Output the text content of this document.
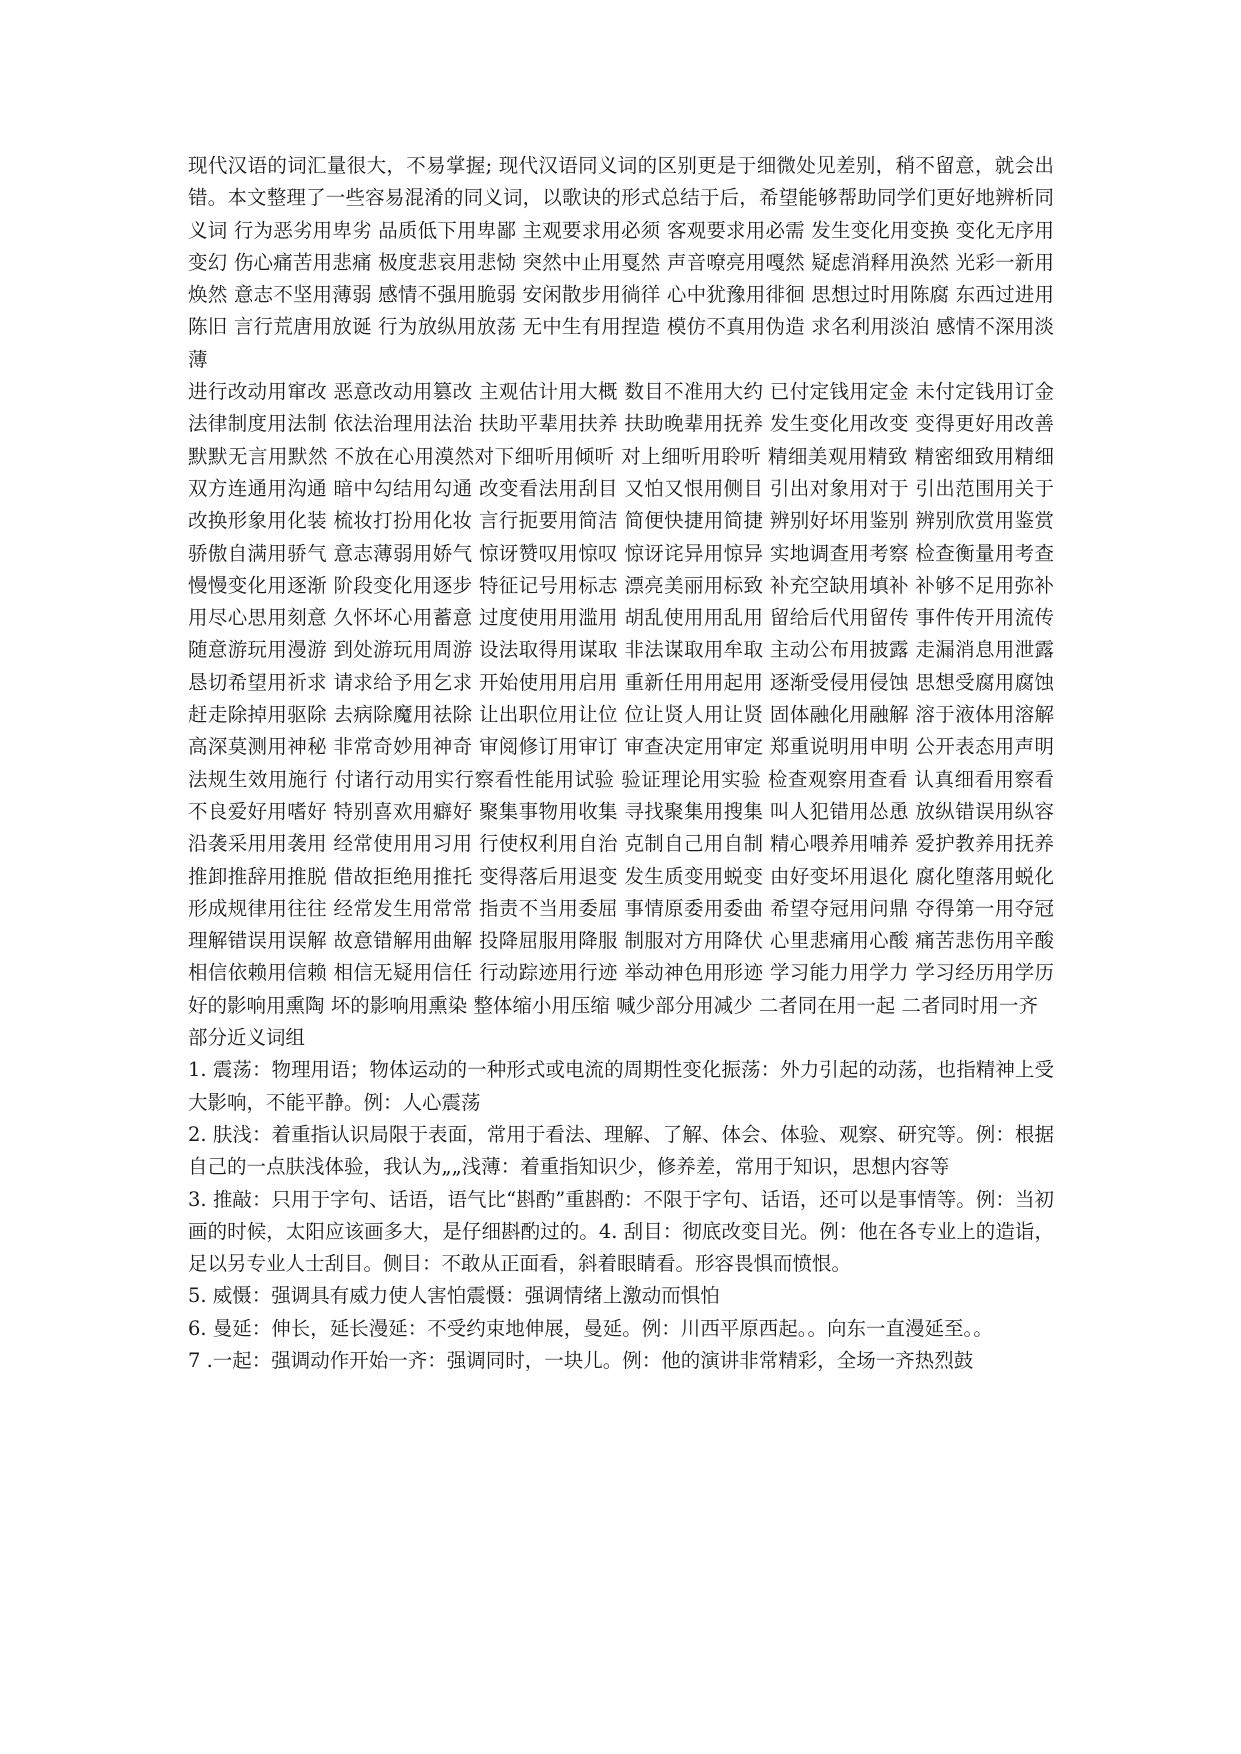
现代汉语的词汇量很大，不易掌握; 现代汉语同义词的区别更是于细微处见差别，稍不留意，就会出错。本文整理了一些容易混淆的同义词，以歌诀的形式总结于后，希望能够帮助同学们更好地辨析同义词 行为恶劣用卑劣 品质低下用卑鄙 主观要求用必须 客观要求用必需 发生变化用变换 变化无序用变幻 伤心痛苦用悲痛 极度悲哀用悲恸 突然中止用戛然 声音嘹亮用嘎然 疑虑消释用涣然 光彩一新用焕然 意志不坚用薄弱 感情不强用脆弱 安闲散步用徜徉 心中犹豫用徘徊 思想过时用陈腐 东西过进用陈旧 言行荒唐用放诞 行为放纵用放荡 无中生有用捏造 模仿不真用伪造 求名利用淡泊 感情不深用淡薄

进行改动用窜改 恶意改动用篡改 主观估计用大概 数目不准用大约 已付定钱用定金 未付定钱用订金 法律制度用法制 依法治理用法治 扶助平辈用扶养 扶助晚辈用抚养 发生变化用改变 变得更好用改善 默默无言用默然 不放在心用漠然对下细听用倾听 对上细听用聆听 精细美观用精致 精密细致用精细 双方连通用沟通 暗中勾结用勾通 改变看法用刮目 又怕又恨用侧目 引出对象用对于 引出范围用关于 改换形象用化装 梳妆打扮用化妆 言行扼要用简洁 简便快捷用简捷 辨别好坏用鉴别 辨别欣赏用鉴赏 骄傲自满用骄气 意志薄弱用娇气 惊讶赞叹用惊叹 惊讶诧异用惊异 实地调查用考察 检查衡量用考查 慢慢变化用逐渐 阶段变化用逐步 特征记号用标志 漂亮美丽用标致 补充空缺用填补 补够不足用弥补 用尽心思用刻意 久怀坏心用蓄意 过度使用用滥用 胡乱使用用乱用 留给后代用留传 事件传开用流传 随意游玩用漫游 到处游玩用周游 设法取得用谋取 非法谋取用牟取 主动公布用披露 走漏消息用泄露 恳切希望用祈求 请求给予用乞求 开始使用用启用 重新任用用起用 逐渐受侵用侵蚀 思想受腐用腐蚀 赶走除掉用驱除 去病除魔用祛除 让出职位用让位 位让贤人用让贤 固体融化用融解 溶于液体用溶解 高深莫测用神秘 非常奇妙用神奇 审阅修订用审订 审查决定用审定 郑重说明用申明 公开表态用声明 法规生效用施行 付诸行动用实行察看性能用试验 验证理论用实验 检查观察用查看 认真细看用察看 不良爱好用嗜好 特别喜欢用癖好 聚集事物用收集 寻找聚集用搜集 叫人犯错用怂恿 放纵错误用纵容 沿袭采用用袭用 经常使用用习用 行使权利用自治 克制自己用自制 精心喂养用哺养 爱护教养用抚养 推卸推辞用推脱 借故拒绝用推托 变得落后用退变 发生质变用蜕变 由好变坏用退化 腐化堕落用蜕化 形成规律用往往 经常发生用常常 指责不当用委屈 事情原委用委曲 希望夺冠用问鼎 夺得第一用夺冠 理解错误用误解 故意错解用曲解 投降屈服用降服 制服对方用降伏 心里悲痛用心酸 痛苦悲伤用辛酸 相信依赖用信赖 相信无疑用信任 行动踪迹用行迹 举动神色用形迹 学习能力用学力 学习经历用学历 好的影响用熏陶 坏的影响用熏染 整体缩小用压缩 喊少部分用减少 二者同在用一起 二者同时用一齐

部分近义词组

1. 震荡：物理用语；物体运动的一种形式或电流的周期性变化振荡：外力引起的动荡，也指精神上受大影响，不能平静。例：人心震荡

2. 肤浅：着重指认识局限于表面，常用于看法、理解、了解、体会、体验、观察、研究等。例：根据自己的一点肤浅体验，我认为„„浅薄：着重指知识少，修养差，常用于知识，思想内容等

3. 推敲：只用于字句、话语，语气比“斟酌”重斟酌：不限于字句、话语，还可以是事情等。例：当初画的时候，太阳应该画多大，是仔细斟酌过的。4. 刮目：彻底改变目光。例：他在各专业上的造诣，足以另专业人士刮目。侧目：不敢从正面看，斜着眼睛看。形容畏惧而愤恨。

5. 威慑：强调具有威力使人害怕震慑：强调情绪上激动而惧怕

6. 曼延：伸长，延长漫延：不受约束地伸展，曼延。例：川西平原西起。。向东一直漫延至。。

7 .一起：强调动作开始一齐：强调同时，一块儿。例：他的演讲非常精彩，全场一齐热烈鼓
